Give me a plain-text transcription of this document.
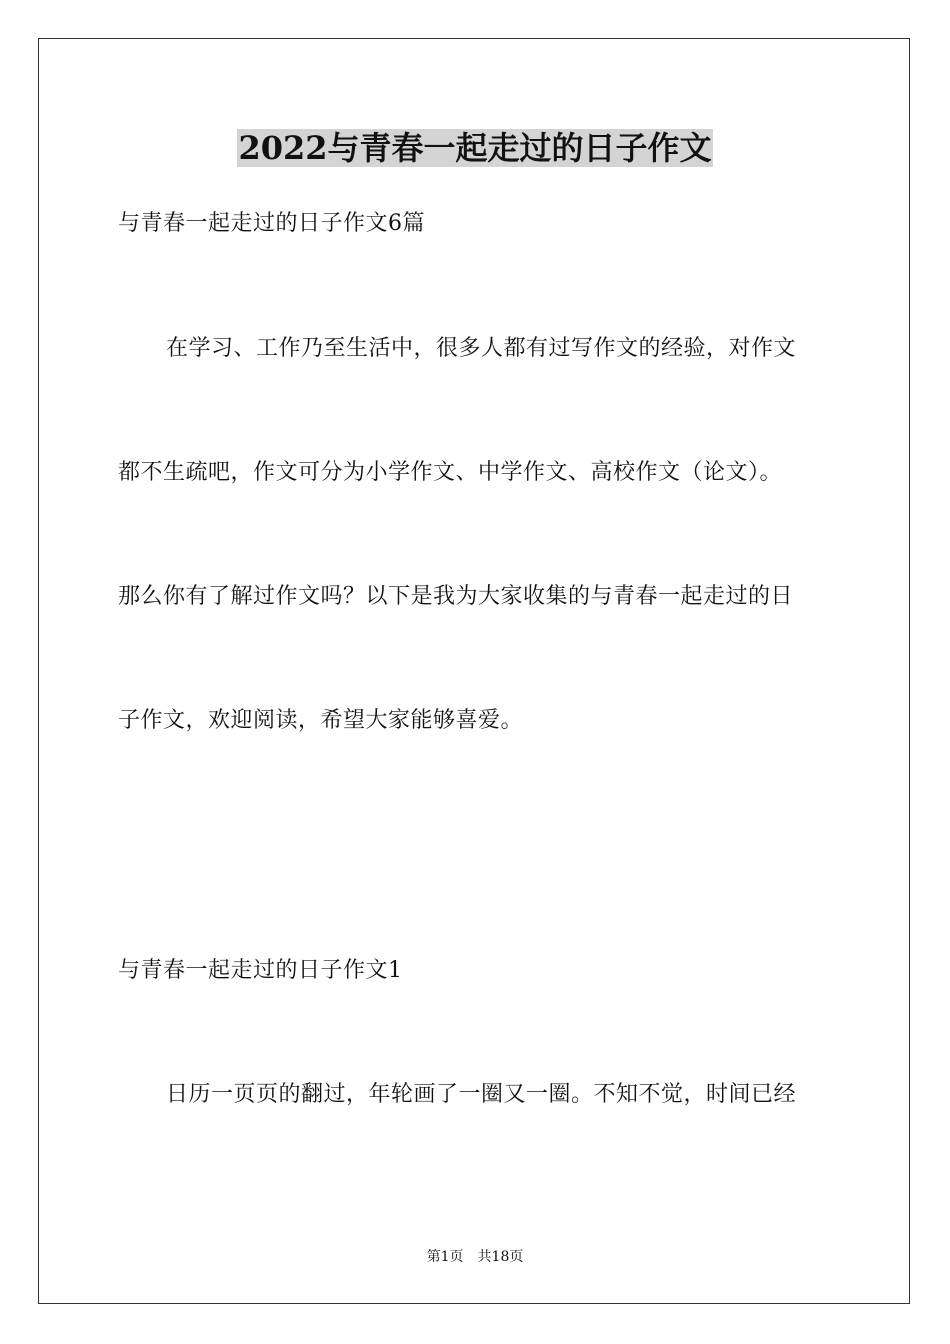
2022与青春一起走过的日子作文
与青春一起走过的日子作文6篇
在学习、工作乃至生活中，很多人都有过写作文的经验，对作文
都不生疏吧，作文可分为小学作文、中学作文、高校作文（论文）。
那么你有了解过作文吗？以下是我为大家收集的与青春一起走过的日
子作文，欢迎阅读，希望大家能够喜爱。
与青春一起走过的日子作文1
日历一页页的翻过，年轮画了一圈又一圈。不知不觉，时间已经
第1页　共18页
